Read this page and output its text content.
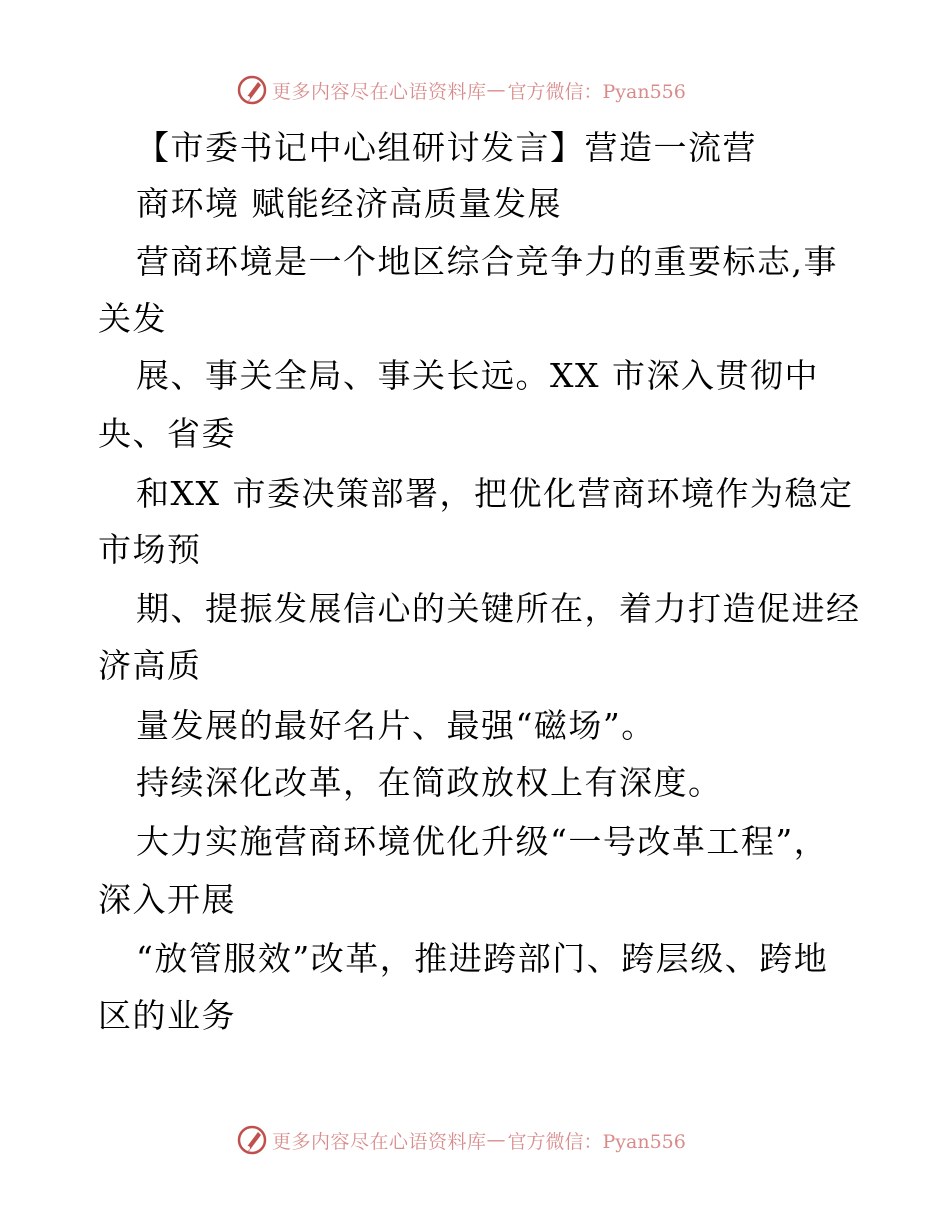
更多内容尽在心语资料库 — 官方微信：Pyan556
【市委书记中心组研讨发言】营造一流营
商环境 赋能经济高质量发展
营商环境是一个地区综合竞争力的重要标志,事
关发
展、事关全局、事关长远。XX 市深入贯彻中
央、省委
和XX 市委决策部署，把优化营商环境作为稳定
市场预
期、提振发展信心的关键所在，着力打造促进经
济高质
量发展的最好名片、最强“磁场”。
持续深化改革，在简政放权上有深度。
大力实施营商环境优化升级“一号改革工程”，
深入开展
“放管服效”改革，推进跨部门、跨层级、跨地
区的业务
更多内容尽在心语资料库 — 官方微信：Pyan556
